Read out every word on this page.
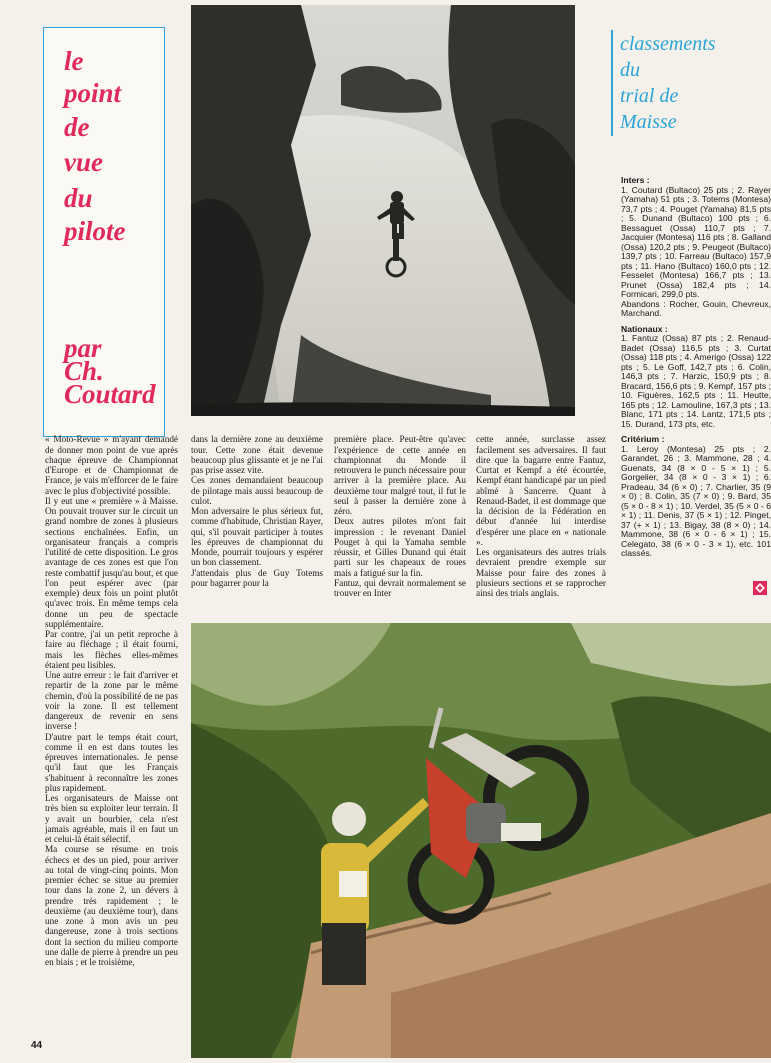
le
point
de
vue
du
pilote
par
Ch.
Coutard
classements
du
trial de
Maisse

Inters :

1. Coutard (Bultaco) 25 pts ; 2. Rayer (Yamaha) 51 pts ; 3. Totems (Montesa) 73,7 pts ; 4. Pouget (Yamaha) 81,5 pts ; 5. Dunand (Bultaco) 100 pts ; 6. Bessaguet (Ossa) 110,7 pts ; 7. Jacquier (Montesa) 116 pts ; 8. Galland (Ossa) 120,2 pts ; 9. Peugeot (Bultaco) 139,7 pts ; 10. Farreau (Bultaco) 157,9 pts ; 11. Hano (Bultaco) 160,0 pts ; 12. Fesselet (Montesa) 166,7 pts ; 13. Prunet (Ossa) 182,4 pts ; 14. Formicari, 299,0 pts.

Abandons : Rocher, Gouin, Chevreux, Marchand.

Nationaux :

1. Fantuz (Ossa) 87 pts ; 2. Renaud-Badet (Ossa) 116,5 pts ; 3. Curtat (Ossa) 118 pts ; 4. Amerigo (Ossa) 122 pts ; 5. Le Goff, 142,7 pts ; 6. Colin, 146,3 pts ; 7. Harzic, 150,9 pts ; 8. Bracard, 156,6 pts ; 9. Kempf, 157 pts ; 10. Figuères, 162,5 pts ; 11. Heutte, 165 pts ; 12. Lamouline, 167,3 pts ; 13. Blanc, 171 pts ; 14. Lantz, 171,5 pts ; 15. Durand, 173 pts, etc.

Critérium :

1. Leroy (Montesa) 25 pts ; 2. Garandet, 26 ; 3. Mammone, 28 ; 4. Guenats, 34 (8 × 0 - 5 × 1) ; 5. Gorgelier, 34 (8 × 0 - 3 × 1) ; 6. Pradeau, 34 (6 × 0) ; 7. Charlier, 35 (9 × 0) ; 8. Colin, 35 (7 × 0) ; 9. Bard, 35 (5 × 0 - 8 × 1) ; 10. Verdel, 35 (5 × 0 - 6 × 1) ; 11. Denis, 37 (5 × 1) ; 12. Pinget, 37 (+ × 1) ; 13. Bigay, 38 (8 × 0) ; 14. Mammone, 38 (6 × 0 - 6 × 1) ; 15. Celegato, 38 (6 × 0 - 3 × 1), etc. 101 classés.

« Moto-Revue » m'ayant demandé de donner mon point de vue après chaque épreuve de Championnat d'Europe et de Championnat de France, je vais m'efforcer de le faire avec le plus d'objectivité possible.
Il y eut une « première » à Maisse. On pouvait trouver sur le circuit un grand nombre de zones à plusieurs sections enchaînées. Enfin, un organisateur français a compris l'utilité de cette disposition. Le gros avantage de ces zones est que l'on reste combattif jusqu'au bout, et que l'on peut espérer avec (par exemple) deux fois un point plutôt qu'avec trois. En même temps cela donne un peu de spectacle supplémentaire.
Par contre, j'ai un petit reproche à faire au fléchage ; il était fourni, mais les flèches elles-mêmes étaient peu lisibles.
Une autre erreur : le fait d'arriver et repartir de la zone par le même chemin, d'où la possibilité de ne pas voir la zone. Il est tellement dangereux de revenir en sens inverse !
D'autre part le temps était court, comme il en est dans toutes les épreuves internationales. Je pense qu'il faut que les Français s'habituent à reconnaître les zones plus rapidement.
Les organisateurs de Maisse ont très bien su exploiter leur terrain. Il y avait un bourbier, cela n'est jamais agréable, mais il en faut un et celui-là était sélectif.
Ma course se résume en trois échecs et des un pied, pour arriver au total de vingt-cinq points. Mon premier échec se situe au premier tour dans la zone 2, un dévers à prendre très rapidement ; le deuxième (au deuxième tour), dans une zone à mon avis un peu dangereuse, zone à trois sections dont la section du milieu comporte une dalle de pierre à prendre un peu en biais ; et le troisième,

dans la dernière zone au deuxième tour. Cette zone était devenue beaucoup plus glissante et je ne l'ai pas prise assez vite.
Ces zones demandaient beaucoup de pilotage mais aussi beaucoup de culot.
Mon adversaire le plus sérieux fut, comme d'habitude, Christian Rayer, qui, s'il pouvait participer à toutes les épreuves de championnat du Monde, pourrait toujours y espérer un bon classement.
J'attendais plus de Guy Totems pour bagarrer pour la

première place. Peut-être qu'avec l'expérience de cette année en championnat du Monde il retrouvera le punch nécessaire pour arriver à la première place. Au deuxième tour malgré tout, il fut le seul à passer la dernière zone à zéro.
Deux autres pilotes m'ont fait impression : le revenant Daniel Pouget à qui la Yamaha semble réussir, et Gilles Dunand qui était parti sur les chapeaux de roues mais a fatigué sur la fin.
Fantuz, qui devrait normalement se trouver en Inter

cette année, surclasse assez facilement ses adversaires. Il faut dire que la bagarre entre Fantuz, Curtat et Kempf a été écourtée, Kempf étant handicapé par un pied abîmé à Sancerre. Quant à Renaud-Badet, il est dommage que la décision de la Fédération en début d'année lui interdise d'espérer une place en « nationale ».
Les organisateurs des autres trials devraient prendre exemple sur Maisse pour faire des zones à plusieurs sections et se rapprocher ainsi des trials anglais.

44
